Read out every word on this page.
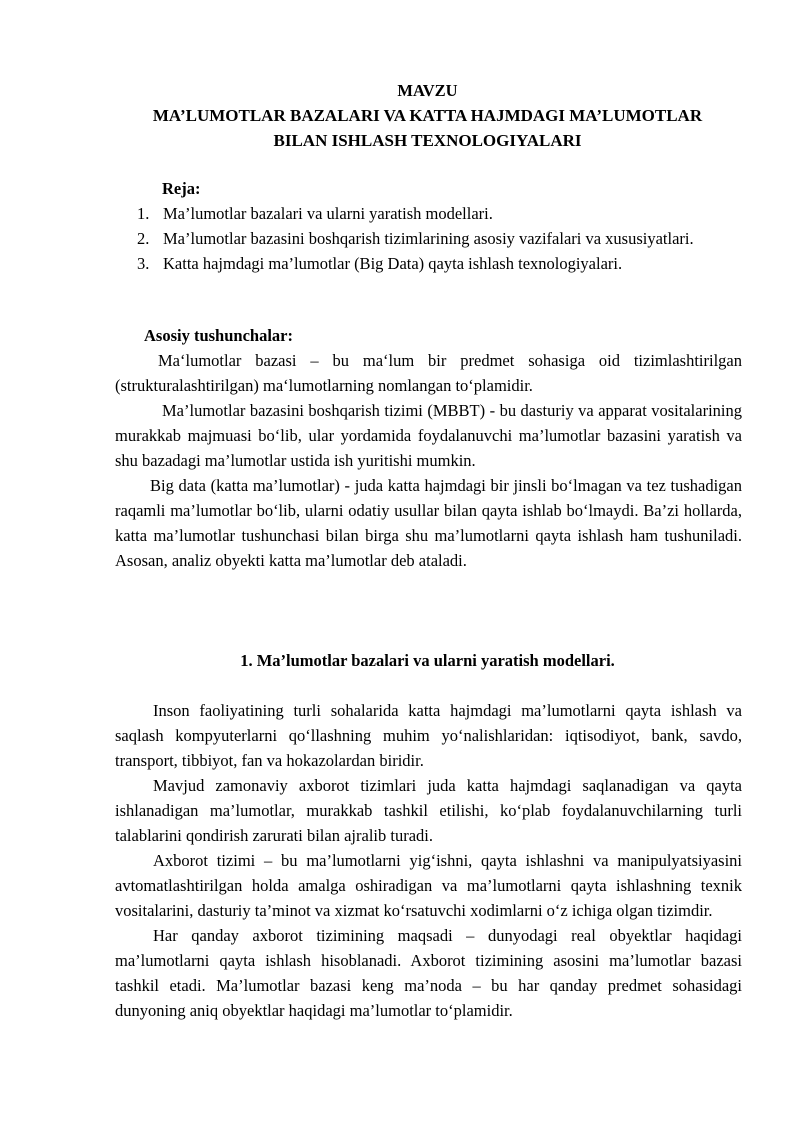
MAVZU
MA’LUMOTLAR BAZALARI VA KATTA HAJMDAGI MA’LUMOTLAR
BILAN ISHLASH TEXNOLOGIYALARI
Reja:
1. Ma’lumotlar bazalari va ularni yaratish modellari.
2. Ma’lumotlar bazasini boshqarish tizimlarining asosiy vazifalari va xususiyatlari.
3. Katta hajmdagi ma’lumotlar (Big Data) qayta ishlash texnologiyalari.
Asosiy tushunchalar:

Ma‘lumotlar bazasi – bu ma‘lum bir predmet sohasiga oid tizimlashtirilgan (strukturalashtirilgan) ma‘lumotlarning nomlangan to‘plamidir.

Ma’lumotlar bazasini boshqarish tizimi (MBBT) - bu dasturiy va apparat vositalarining murakkab majmuasi bo‘lib, ular yordamida foydalanuvchi ma’lumotlar bazasini yaratish va shu bazadagi ma’lumotlar ustida ish yuritishi mumkin.

Big data (katta ma’lumotlar) - juda katta hajmdagi bir jinsli bo‘lmagan va tez tushadigan raqamli ma’lumotlar bo‘lib, ularni odatiy usullar bilan qayta ishlab bo‘lmaydi. Ba’zi hollarda, katta ma’lumotlar tushunchasi bilan birga shu ma’lumotlarni qayta ishlash ham tushuniladi. Asosan, analiz obyekti katta ma’lumotlar deb ataladi.

1. Ma’lumotlar bazalari va ularni yaratish modellari.

Inson faoliyatining turli sohalarida katta hajmdagi ma’lumotlarni qayta ishlash va saqlash kompyuterlarni qo‘llashning muhim yo‘nalishlaridan: iqtisodiyot, bank, savdo, transport, tibbiyot, fan va hokazolardan biridir.

Mavjud zamonaviy axborot tizimlari juda katta hajmdagi saqlanadigan va qayta ishlanadigan ma’lumotlar, murakkab tashkil etilishi, ko‘plab foydalanuvchilarning turli talablarini qondirish zarurati bilan ajralib turadi.

Axborot tizimi – bu ma’lumotlarni yig‘ishni, qayta ishlashni va manipulyatsiyasini avtomatlashtirilgan holda amalga oshiradigan va ma’lumotlarni qayta ishlashning texnik vositalarini, dasturiy ta’minot va xizmat ko‘rsatuvchi xodimlarni o‘z ichiga olgan tizimdir.

Har qanday axborot tizimining maqsadi – dunyodagi real obyektlar haqidagi ma’lumotlarni qayta ishlash hisoblanadi. Axborot tizimining asosini ma’lumotlar bazasi tashkil etadi. Ma’lumotlar bazasi keng ma’noda – bu har qanday predmet sohasidagi dunyoning aniq obyektlar haqidagi ma’lumotlar to‘plamidir.
